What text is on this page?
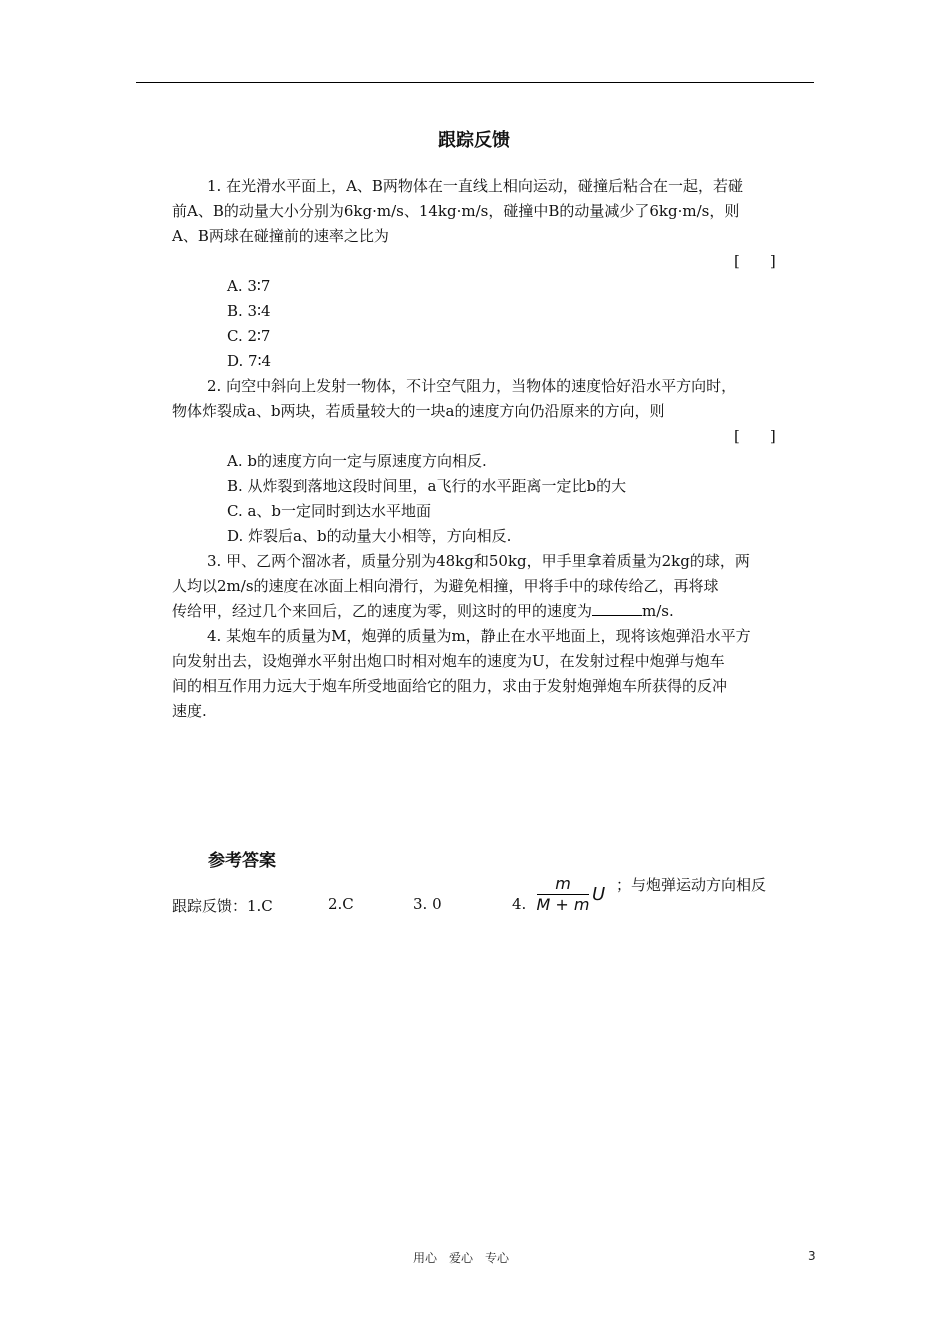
跟踪反馈
1. 在光滑水平面上，A、B两物体在一直线上相向运动，碰撞后粘合在一起，若碰
前A、B的动量大小分别为6kg·m/s、14kg·m/s，碰撞中B的动量减少了6kg·m/s，则
A、B两球在碰撞前的速率之比为
[　　]
A. 3∶7
B. 3∶4
C. 2∶7
D. 7∶4
2. 向空中斜向上发射一物体，不计空气阻力，当物体的速度恰好沿水平方向时，
物体炸裂成a、b两块，若质量较大的一块a的速度方向仍沿原来的方向，则
[　　]
A. b的速度方向一定与原速度方向相反.
B. 从炸裂到落地这段时间里，a飞行的水平距离一定比b的大
C. a、b一定同时到达水平地面
D. 炸裂后a、b的动量大小相等，方向相反.
3. 甲、乙两个溜冰者，质量分别为48kg和50kg，甲手里拿着质量为2kg的球，两
人均以2m/s的速度在冰面上相向滑行，为避免相撞，甲将手中的球传给乙，再将球
传给甲，经过几个来回后，乙的速度为零，则这时的甲的速度为	m/s.
4. 某炮车的质量为M，炮弹的质量为m，静止在水平地面上，现将该炮弹沿水平方
向发射出去，设炮弹水平射出炮口时相对炮车的速度为U，在发射过程中炮弹与炮车
间的相互作用力远大于炮车所受地面给它的阻力，求由于发射炮弹炮车所获得的反冲
速度.
参考答案
跟踪反馈：1.C	2.C	3. 0	4.
m
M + m U ；与炮弹运动方向相反
用心　爱心　专心	3
